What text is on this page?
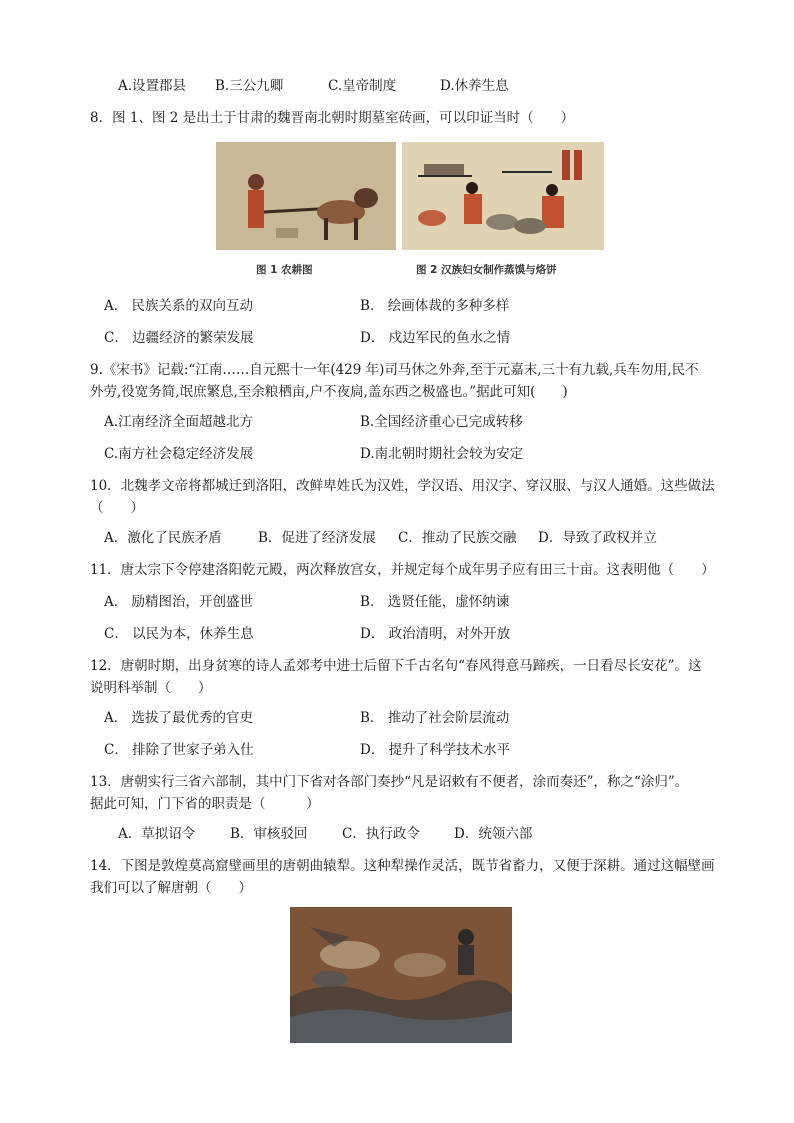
A.设置郡县 B.三公九卿	C.皇帝制度	D.休养生息
8．图 1、图 2 是出土于甘肃的魏晋南北朝时期墓室砖画，可以印证当时（　　）
图 1 农耕图	图 2 汉族妇女制作蒸馍与烙饼
A． 民族关系的双向互动	B． 绘画体裁的多种多样
C． 边疆经济的繁荣发展	D． 戍边军民的鱼水之情
9.《宋书》记载:“江南……自元熙十一年(429 年)司马休之外奔,至于元嘉末,三十有九载,兵车勿用,民不
外劳,役宽务简,氓庶繁息,至余粮栖亩,户不夜扃,盖东西之极盛也。”据此可知(　　)
A.江南经济全面超越北方	B.全国经济重心已完成转移
C.南方社会稳定经济发展	D.南北朝时期社会较为安定
10．北魏孝文帝将都城迁到洛阳，改鲜卑姓氏为汉姓，学汉语、用汉字、穿汉服、与汉人通婚。这些做法
（　　）
A．激化了民族矛盾	B．促进了经济发展 C．推动了民族交融 D．导致了政权并立
11．唐太宗下令停建洛阳乾元殿，两次释放宫女，并规定每个成年男子应有田三十亩。这表明他（　　）
A． 励精图治，开创盛世	B． 选贤任能，虚怀纳谏
C． 以民为本，休养生息	D． 政治清明，对外开放
12．唐朝时期，出身贫寒的诗人孟郊考中进士后留下千古名句“春风得意马蹄疾，一日看尽长安花”。这
说明科举制（　　）
A． 选拔了最优秀的官吏	B． 推动了社会阶层流动
C． 排除了世家子弟入仕	D． 提升了科学技术水平
13．唐朝实行三省六部制，其中门下省对各部门奏抄“凡是诏敕有不便者，涂而奏还”，称之“涂归”。
据此可知，门下省的职责是（　　　）
A．草拟诏令	B．审核驳回	C．执行政令	D．统领六部
14．下图是敦煌莫高窟壁画里的唐朝曲辕犁。这种犁操作灵活，既节省畜力，又便于深耕。通过这幅壁画
我们可以了解唐朝（　　）
